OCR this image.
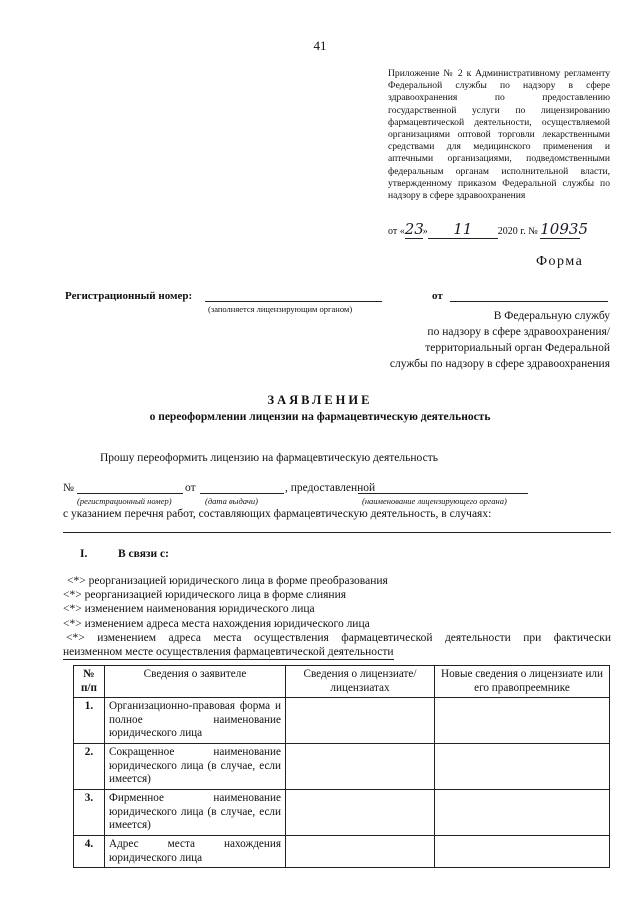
41
Приложение № 2 к Административному регламенту Федеральной службы по надзору в сфере здравоохранения по предоставлению государственной услуги по лицензированию фармацевтической деятельности, осуществляемой организациями оптовой торговли лекарственными средствами для медицинского применения и аптечными организациями, подведомственными федеральным органам исполнительной власти, утвержденному приказом Федеральной службы по надзору в сфере здравоохранения
от «23» 11	2020 г. № 10935
Форма
Регистрационный номер:
(заполняется лицензирующим органом)
от
В Федеральную службу
по надзору в сфере здравоохранения/
территориальный орган Федеральной
службы по надзору в сфере здравоохранения
ЗАЯВЛЕНИЕ
о переоформлении лицензии на фармацевтическую деятельность
Прошу переоформить лицензию на фармацевтическую деятельность
№	от	, предоставленной
(регистрационный номер)	(дата выдачи)	(наименование лицензирующего органа)
с указанием перечня работ, составляющих фармацевтическую деятельность, в случаях:
I.	В связи с:
<*> реорганизацией юридического лица в форме преобразования
<*> реорганизацией юридического лица в форме слияния
<*> изменением наименования юридического лица
<*> изменением адреса места нахождения юридического лица
<*> изменением адреса места осуществления фармацевтической деятельности при фактически
неизменном месте осуществления фармацевтической деятельности
№ п/п	Сведения о заявителе	Сведения о лицензиате/лицензиатах	Новые сведения о лицензиате или его правопреемнике
1.	Организационно-правовая форма и полное наименование юридического лица		
2.	Сокращенное наименование юридического лица (в случае, если имеется)		
3.	Фирменное наименование юридического лица (в случае, если имеется)		
4.	Адрес места нахождения юридического лица		
